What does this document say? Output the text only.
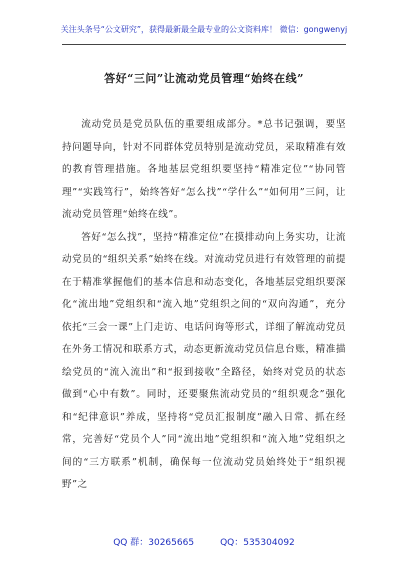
关注头条号“公文研究”，获得最新最全最专业的公文资料库！ 微信：gongwenyj
答好“三问”让流动党员管理“始终在线”

流动党员是党员队伍的重要组成部分。*总书记强调，要坚持问题导向，针对不同群体党员特别是流动党员，采取精准有效的教育管理措施。各地基层党组织要坚持“精准定位”“协同管理”“实践笃行”，始终答好“怎么找”“学什么”“如何用”三问，让流动党员管理“始终在线”。

答好“怎么找”，坚持“精准定位”在摸排动向上务实功，让流动党员的“组织关系”始终在线。对流动党员进行有效管理的前提在于精准掌握他们的基本信息和动态变化，各地基层党组织要深化“流出地”党组织和“流入地”党组织之间的“双向沟通”，充分依托“三会一课”上门走访、电话问询等形式，详细了解流动党员在外务工情况和联系方式，动态更新流动党员信息台账，精准描绘党员的“流入流出”和“报到接收”全路径，始终对党员的状态做到“心中有数”。同时，还要聚焦流动党员的“组织观念”强化和“纪律意识”养成，坚持将“党员汇报制度”融入日常、抓在经常，完善好“党员个人”同“流出地”党组织和“流入地”党组织之间的“三方联系”机制，确保每一位流动党员始终处于“组织视野”之

QQ 群：30265665	QQ：535304092
